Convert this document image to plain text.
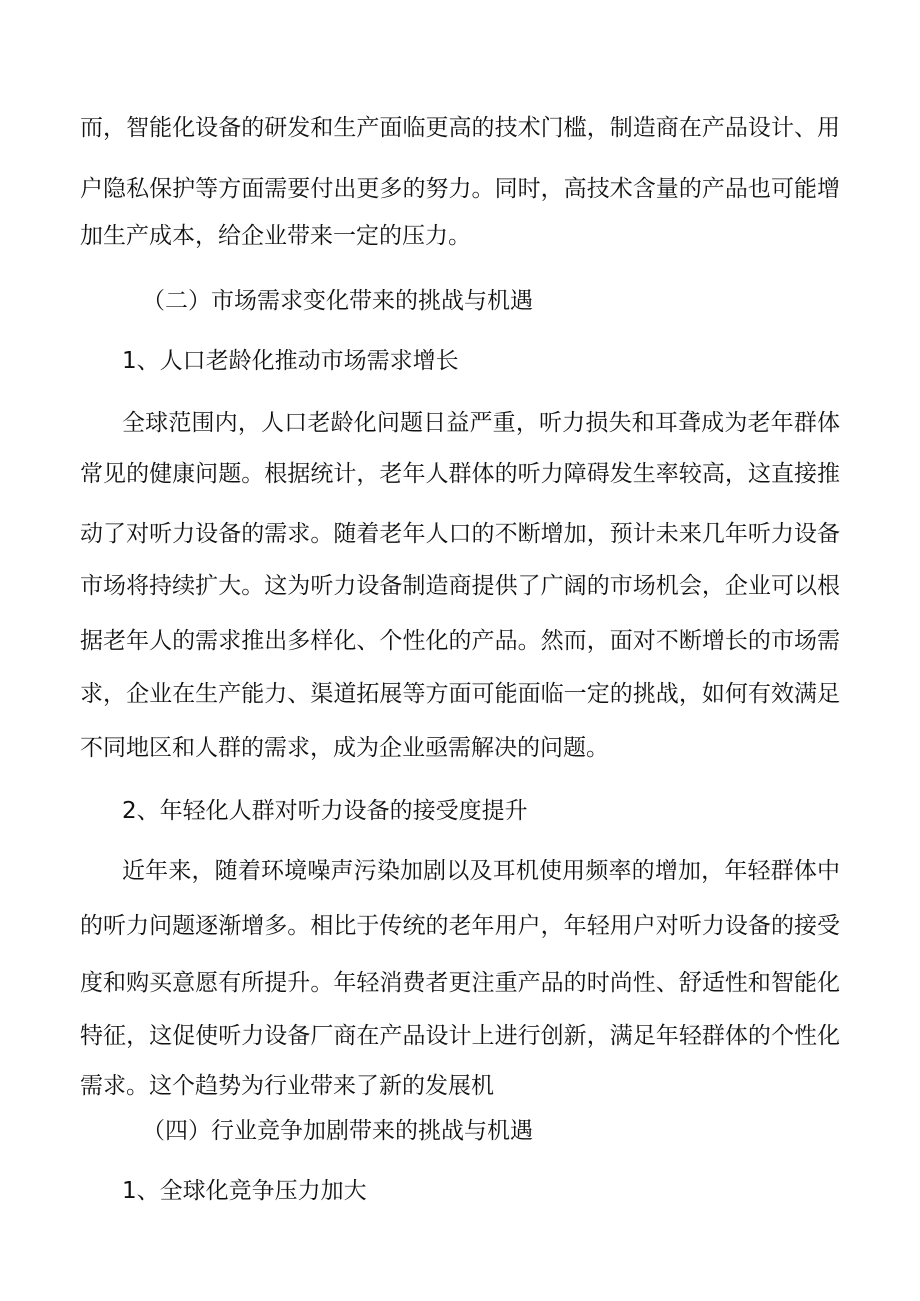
而，智能化设备的研发和生产面临更高的技术门槛，制造商在产品设计、用
户隐私保护等方面需要付出更多的努力。同时，高技术含量的产品也可能增
加生产成本，给企业带来一定的压力。
（二）市场需求变化带来的挑战与机遇
1、人口老龄化推动市场需求增长
全球范围内，人口老龄化问题日益严重，听力损失和耳聋成为老年群体
常见的健康问题。根据统计，老年人群体的听力障碍发生率较高，这直接推
动了对听力设备的需求。随着老年人口的不断增加，预计未来几年听力设备
市场将持续扩大。这为听力设备制造商提供了广阔的市场机会，企业可以根
据老年人的需求推出多样化、个性化的产品。然而，面对不断增长的市场需
求，企业在生产能力、渠道拓展等方面可能面临一定的挑战，如何有效满足
不同地区和人群的需求，成为企业亟需解决的问题。
2、年轻化人群对听力设备的接受度提升
近年来，随着环境噪声污染加剧以及耳机使用频率的增加，年轻群体中
的听力问题逐渐增多。相比于传统的老年用户，年轻用户对听力设备的接受
度和购买意愿有所提升。年轻消费者更注重产品的时尚性、舒适性和智能化
特征，这促使听力设备厂商在产品设计上进行创新，满足年轻群体的个性化
需求。这个趋势为行业带来了新的发展机
（四）行业竞争加剧带来的挑战与机遇
1、全球化竞争压力加大
